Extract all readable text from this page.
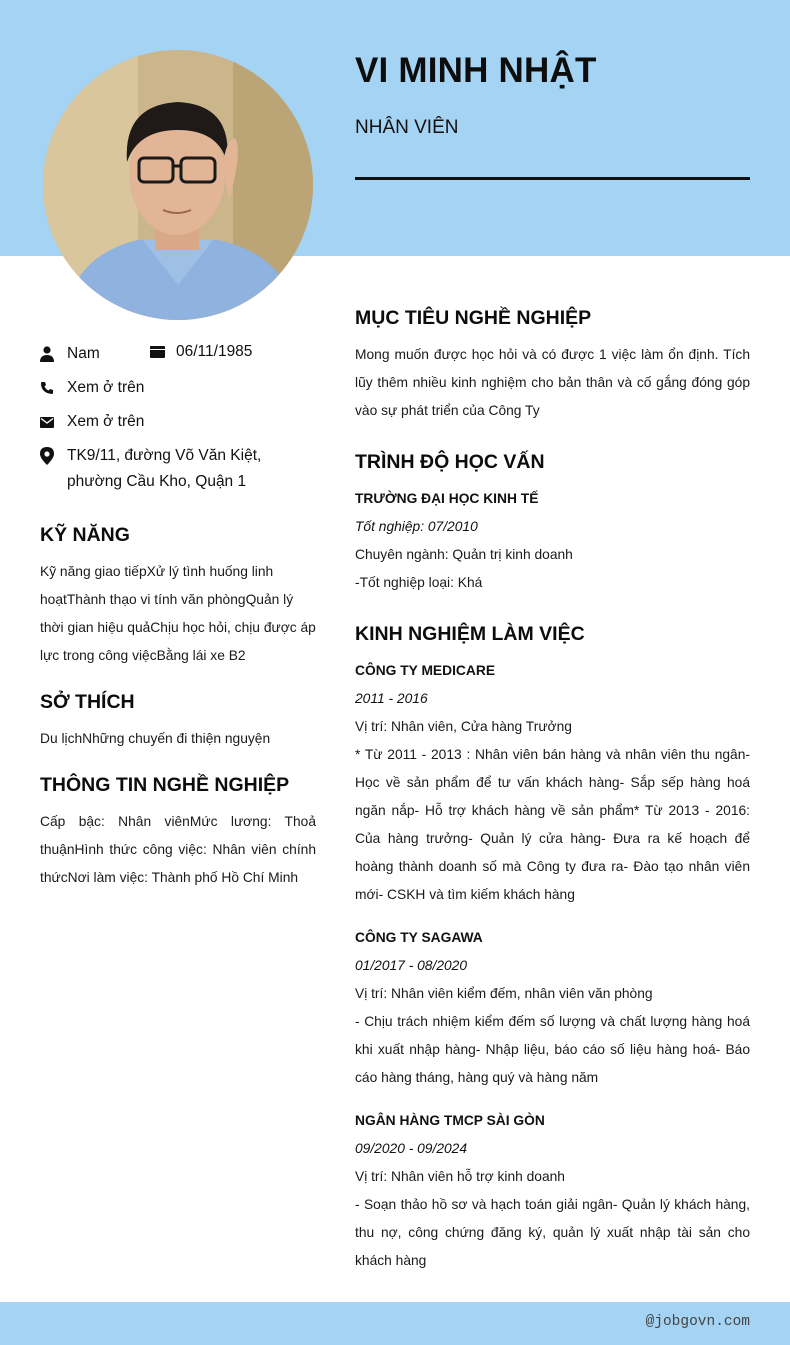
VI MINH NHẬT
NHÂN VIÊN
Nam	06/11/1985
Xem ở trên
Xem ở trên
TK9/11, đường Võ Văn Kiệt,
phường Cầu Kho, Quận 1
KỸ NĂNG
Kỹ năng giao tiếpXử lý tình huống linh
hoạtThành thạo vi tính văn phòngQuản lý
thời gian hiệu quảChịu học hỏi, chịu được áp
lực trong công việcBằng lái xe B2
SỞ THÍCH
Du lịchNhững chuyến đi thiện nguyện
THÔNG TIN NGHỀ NGHIỆP
Cấp bậc: Nhân viênMức lương: Thoả thuậnHình thức công việc: Nhân viên chính thứcNơi làm việc: Thành phố Hồ Chí Minh
MỤC TIÊU NGHỀ NGHIỆP
Mong muốn được học hỏi và có được 1 việc làm ổn định. Tích lũy thêm nhiều kinh nghiệm cho bản thân và cố gắng đóng góp vào sự phát triển của Công Ty
TRÌNH ĐỘ HỌC VẤN
TRƯỜNG ĐẠI HỌC KINH TẾ
Tốt nghiệp: 07/2010
Chuyên ngành: Quản trị kinh doanh
-Tốt nghiệp loại: Khá
KINH NGHIỆM LÀM VIỆC
CÔNG TY MEDICARE
2011 - 2016
Vị trí: Nhân viên, Cửa hàng Trưởng
* Từ 2011 - 2013 : Nhân viên bán hàng và nhân viên thu ngân- Học về sản phẩm để tư vấn khách hàng- Sắp sếp hàng hoá ngăn nắp- Hỗ trợ khách hàng về sản phẩm* Từ 2013 - 2016: Của hàng trưởng- Quản lý cửa hàng- Đưa ra kế hoạch để hoàng thành doanh số mà Công ty đưa ra- Đào tạo nhân viên mới- CSKH và tìm kiếm khách hàng
CÔNG TY SAGAWA
01/2017 - 08/2020
Vị trí: Nhân viên kiểm đếm, nhân viên văn phòng
- Chịu trách nhiệm kiểm đếm số lượng và chất lượng hàng hoá khi xuất nhập hàng- Nhập liệu, báo cáo số liệu hàng hoá- Báo cáo hàng tháng, hàng quý và hàng năm
NGÂN HÀNG TMCP SÀI GÒN
09/2020 - 09/2024
Vị trí: Nhân viên hỗ trợ kinh doanh
- Soạn thảo hồ sơ và hạch toán giải ngân- Quản lý khách hàng, thu nợ, công chứng đăng ký, quản lý xuất nhập tài sản cho khách hàng
@jobgovn.com
